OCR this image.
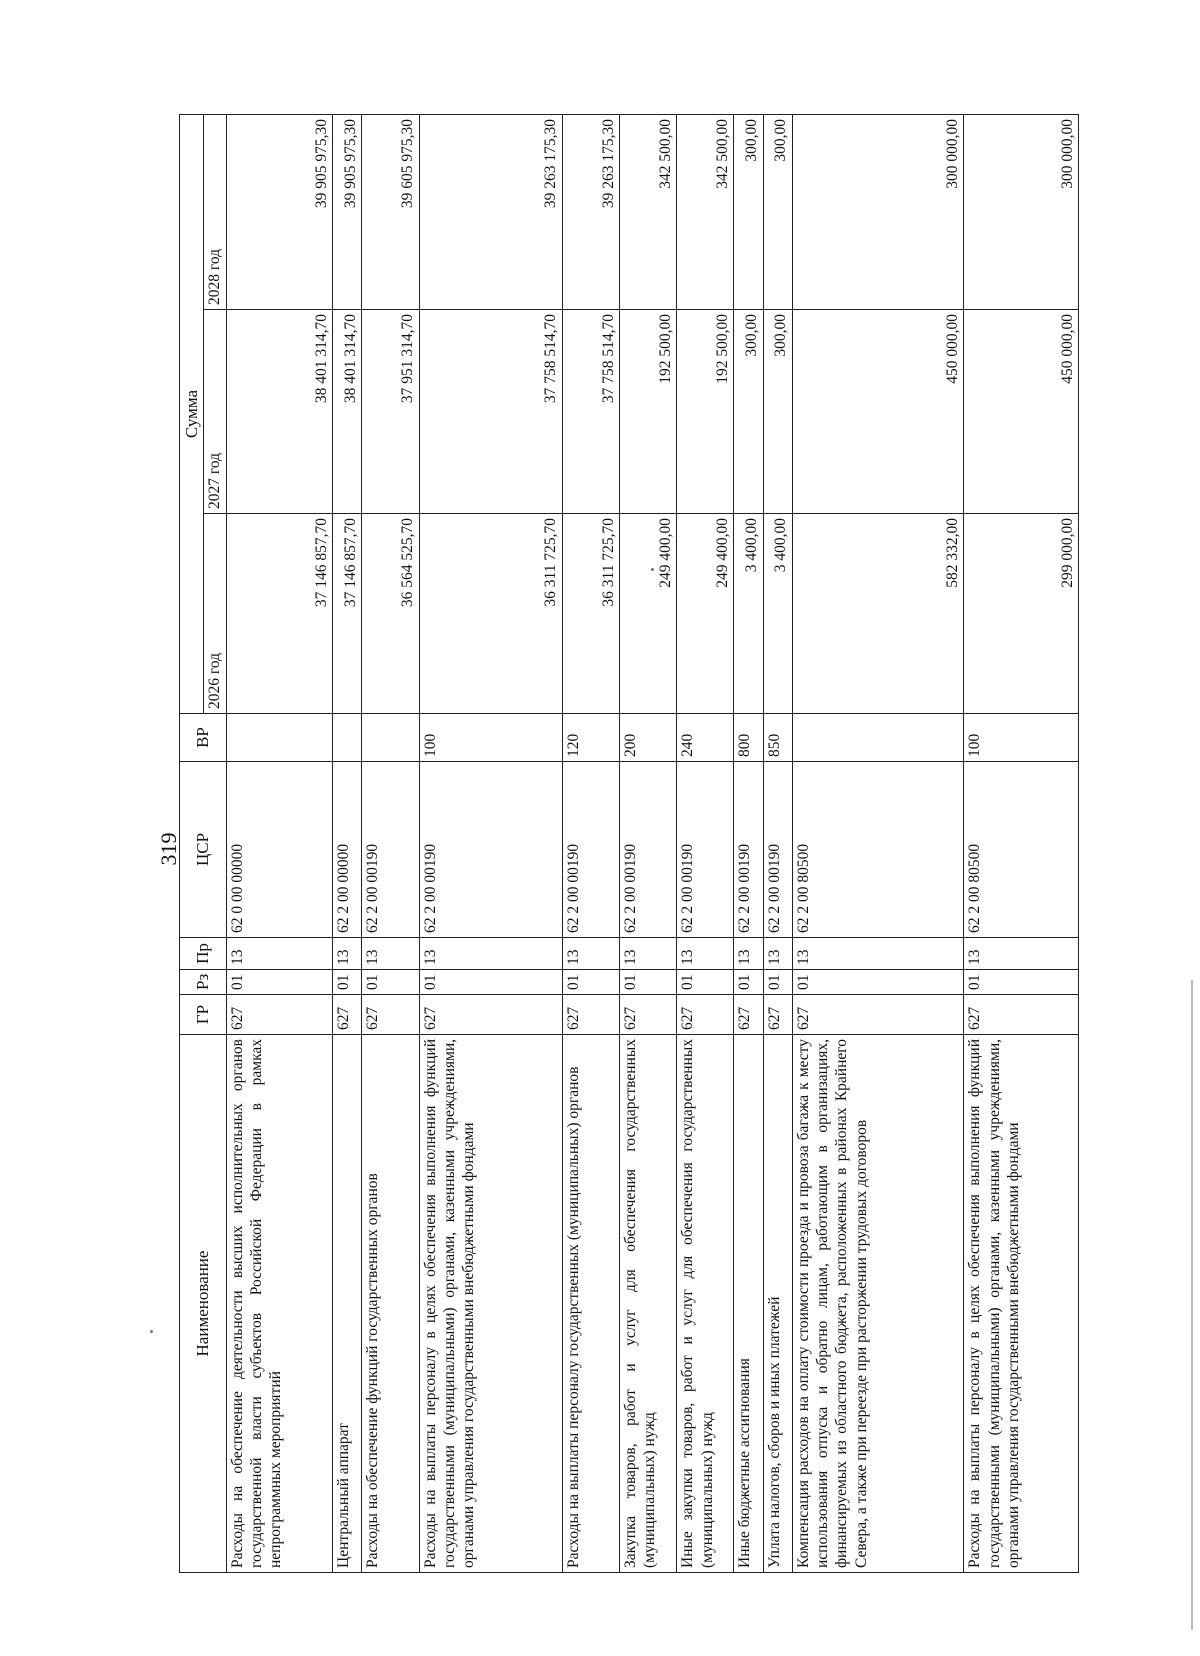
319
Наименование	ГР	Рз	Пр	ЦСР	ВР	Сумма		
						2026 год	2027 год	2028 год
Расходы на обеспечение деятельности высших исполнительных органов государственной власти субъектов Российской Федерации в рамках непрограммных мероприятий	627	01	13	62 0 00 00000		37 146 857,70	38 401 314,70	39 905 975,30
Центральный аппарат	627	01	13	62 2 00 00000		37 146 857,70	38 401 314,70	39 905 975,30
Расходы на обеспечение функций государственных органов	627	01	13	62 2 00 00190		36 564 525,70	37 951 314,70	39 605 975,30
Расходы на выплаты персоналу в целях обеспечения выполнения функций государственными (муниципальными) органами, казенными учреждениями, органами управления государственными внебюджетными фондами	627	01	13	62 2 00 00190	100	36 311 725,70	37 758 514,70	39 263 175,30
Расходы на выплаты персоналу государственных (муниципальных) органов	627	01	13	62 2 00 00190	120	36 311 725,70	37 758 514,70	39 263 175,30
Закупка товаров, работ и услуг для обеспечения государственных (муниципальных) нужд	627	01	13	62 2 00 00190	200	249 400,00	192 500,00	342 500,00
Иные закупки товаров, работ и услуг для обеспечения государственных (муниципальных) нужд	627	01	13	62 2 00 00190	240	249 400,00	192 500,00	342 500,00
Иные бюджетные ассигнования	627	01	13	62 2 00 00190	800	3 400,00	300,00	300,00
Уплата налогов, сборов и иных платежей	627	01	13	62 2 00 00190	850	3 400,00	300,00	300,00
Компенсация расходов на оплату стоимости проезда и провоза багажа к месту использования отпуска и обратно лицам, работающим в организациях, финансируемых из областного бюджета, расположенных в районах Крайнего Севера, а также при переезде при расторжении трудовых договоров	627	01	13	62 2 00 80500		582 332,00	450 000,00	300 000,00
Расходы на выплаты персоналу в целях обеспечения выполнения функций государственными (муниципальными) органами, казенными учреждениями, органами управления государственными внебюджетными фондами	627	01	13	62 2 00 80500	100	299 000,00	450 000,00	300 000,00
